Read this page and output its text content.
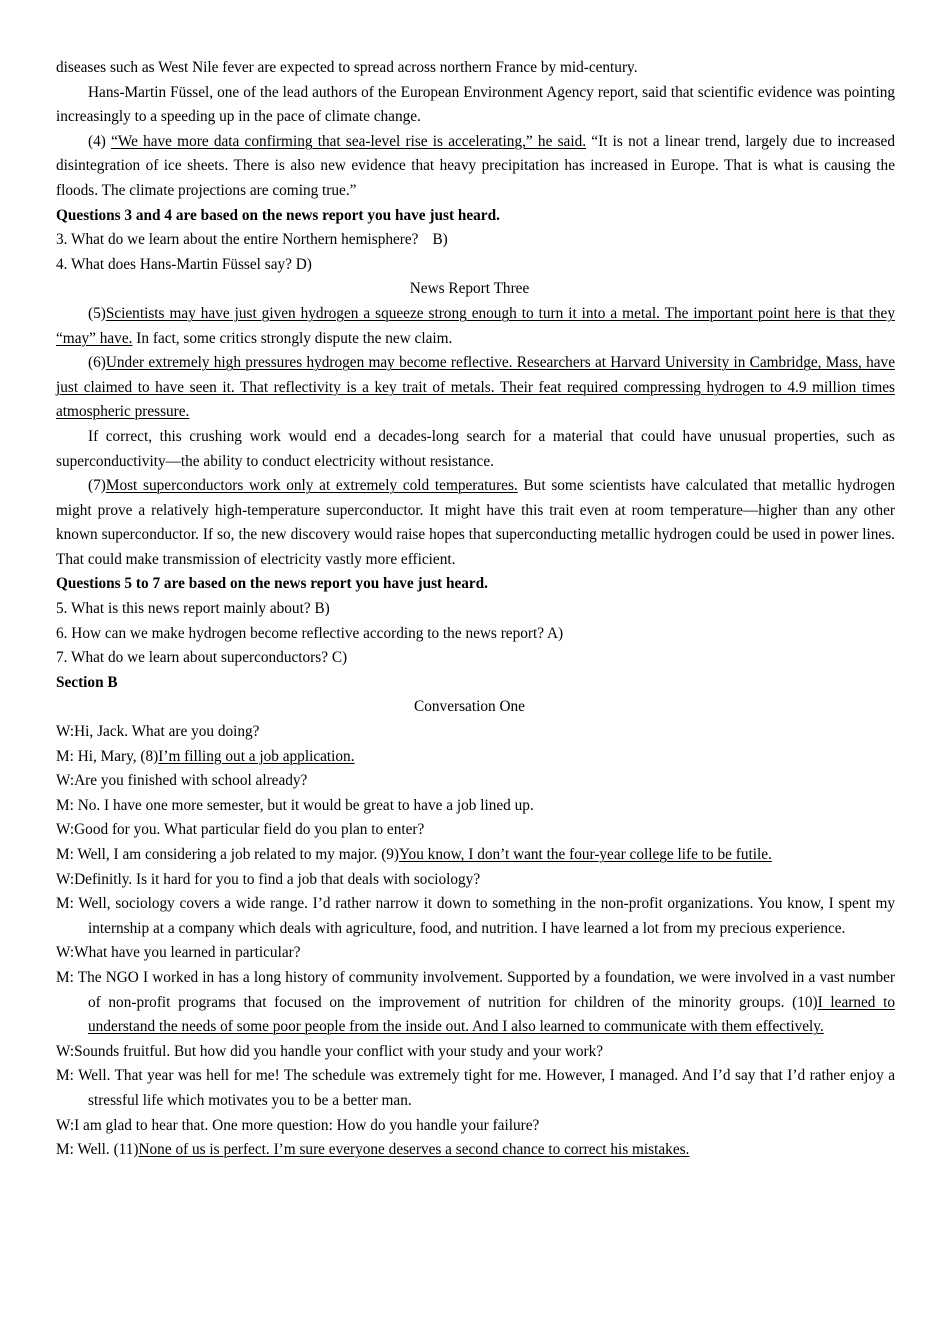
diseases such as West Nile fever are expected to spread across northern France by mid-century.

Hans-Martin Füssel, one of the lead authors of the European Environment Agency report, said that scientific evidence was pointing increasingly to a speeding up in the pace of climate change.

(4) “We have more data confirming that sea-level rise is accelerating,” he said. “It is not a linear trend, largely due to increased disintegration of ice sheets. There is also new evidence that heavy precipitation has increased in Europe. That is what is causing the floods. The climate projections are coming true.”

Questions 3 and 4 are based on the news report you have just heard.

3. What do we learn about the entire Northern hemisphere? B)

4. What does Hans-Martin Füssel say? D)

News Report Three

(5)Scientists may have just given hydrogen a squeeze strong enough to turn it into a metal. The important point here is that they “may” have. In fact, some critics strongly dispute the new claim.

(6)Under extremely high pressures hydrogen may become reflective. Researchers at Harvard University in Cambridge, Mass, have just claimed to have seen it. That reflectivity is a key trait of metals. Their feat required compressing hydrogen to 4.9 million times atmospheric pressure.

If correct, this crushing work would end a decades-long search for a material that could have unusual properties, such as superconductivity—the ability to conduct electricity without resistance.

(7)Most superconductors work only at extremely cold temperatures. But some scientists have calculated that metallic hydrogen might prove a relatively high-temperature superconductor. It might have this trait even at room temperature—higher than any other known superconductor. If so, the new discovery would raise hopes that superconducting metallic hydrogen could be used in power lines. That could make transmission of electricity vastly more efficient.

Questions 5 to 7 are based on the news report you have just heard.

5. What is this news report mainly about? B)

6. How can we make hydrogen become reflective according to the news report? A)

7. What do we learn about superconductors? C)

Section B

Conversation One

W:Hi, Jack. What are you doing?

M: Hi, Mary, (8)I’m filling out a job application.

W:Are you finished with school already?

M: No. I have one more semester, but it would be great to have a job lined up.

W:Good for you. What particular field do you plan to enter?

M: Well, I am considering a job related to my major. (9)You know, I don’t want the four-year college life to be futile.

W:Definitly. Is it hard for you to find a job that deals with sociology?

M: Well, sociology covers a wide range. I’d rather narrow it down to something in the non-profit organizations. You know, I spent my internship at a company which deals with agriculture, food, and nutrition. I have learned a lot from my precious experience.

W:What have you learned in particular?

M: The NGO I worked in has a long history of community involvement. Supported by a foundation, we were involved in a vast number of non-profit programs that focused on the improvement of nutrition for children of the minority groups. (10)I learned to understand the needs of some poor people from the inside out. And I also learned to communicate with them effectively.

W:Sounds fruitful. But how did you handle your conflict with your study and your work?

M: Well. That year was hell for me! The schedule was extremely tight for me. However, I managed. And I’d say that I’d rather enjoy a stressful life which motivates you to be a better man.

W:I am glad to hear that. One more question: How do you handle your failure?

M: Well. (11)None of us is perfect. I’m sure everyone deserves a second chance to correct his mistakes.
